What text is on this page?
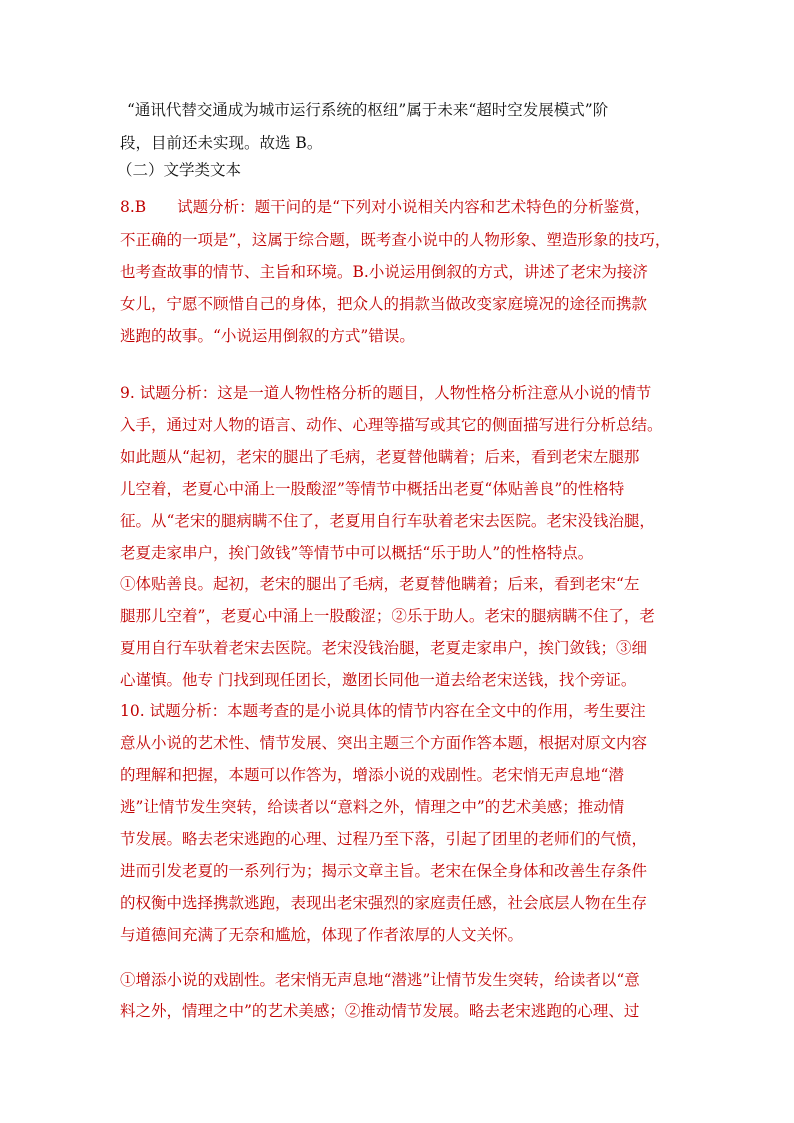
“通讯代替交通成为城市运行系统的枢纽”属于未来“超时空发展模式”阶
段，目前还未实现。故选 B。
（二）文学类文本
8.B　　试题分析：题干问的是“下列对小说相关内容和艺术特色的分析鉴赏，
不正确的一项是”，这属于综合题，既考查小说中的人物形象、塑造形象的技巧，
也考查故事的情节、主旨和环境。B.小说运用倒叙的方式，讲述了老宋为接济
女儿，宁愿不顾惜自己的身体，把众人的捐款当做改变家庭境况的途径而携款
逃跑的故事。“小说运用倒叙的方式”错误。
9. 试题分析：这是一道人物性格分析的题目，人物性格分析注意从小说的情节
入手，通过对人物的语言、动作、心理等描写或其它的侧面描写进行分析总结。
如此题从“起初，老宋的腿出了毛病，老夏替他瞒着；后来，看到老宋左腿那
儿空着，老夏心中涌上一股酸涩”等情节中概括出老夏“体贴善良”的性格特
征。从“老宋的腿病瞒不住了，老夏用自行车驮着老宋去医院。老宋没钱治腿，
老夏走家串户，挨门敛钱”等情节中可以概括“乐于助人”的性格特点。
①体贴善良。起初，老宋的腿出了毛病，老夏替他瞒着；后来，看到老宋“左
腿那儿空着”，老夏心中涌上一股酸涩；②乐于助人。老宋的腿病瞒不住了，老
夏用自行车驮着老宋去医院。老宋没钱治腿，老夏走家串户，挨门敛钱；③细
心谨慎。他专 门找到现任团长，邀团长同他一道去给老宋送钱，找个旁证。
10. 试题分析：本题考查的是小说具体的情节内容在全文中的作用，考生要注
意从小说的艺术性、情节发展、突出主题三个方面作答本题，根据对原文内容
的理解和把握，本题可以作答为，增添小说的戏剧性。老宋悄无声息地“潜
逃”让情节发生突转，给读者以“意料之外，情理之中”的艺术美感；推动情
节发展。略去老宋逃跑的心理、过程乃至下落，引起了团里的老师们的气愤，
进而引发老夏的一系列行为；揭示文章主旨。老宋在保全身体和改善生存条件
的权衡中选择携款逃跑，表现出老宋强烈的家庭责任感，社会底层人物在生存
与道德间充满了无奈和尴尬，体现了作者浓厚的人文关怀。
①增添小说的戏剧性。老宋悄无声息地“潜逃”让情节发生突转，给读者以“意
料之外，情理之中”的艺术美感；②推动情节发展。略去老宋逃跑的心理、过
